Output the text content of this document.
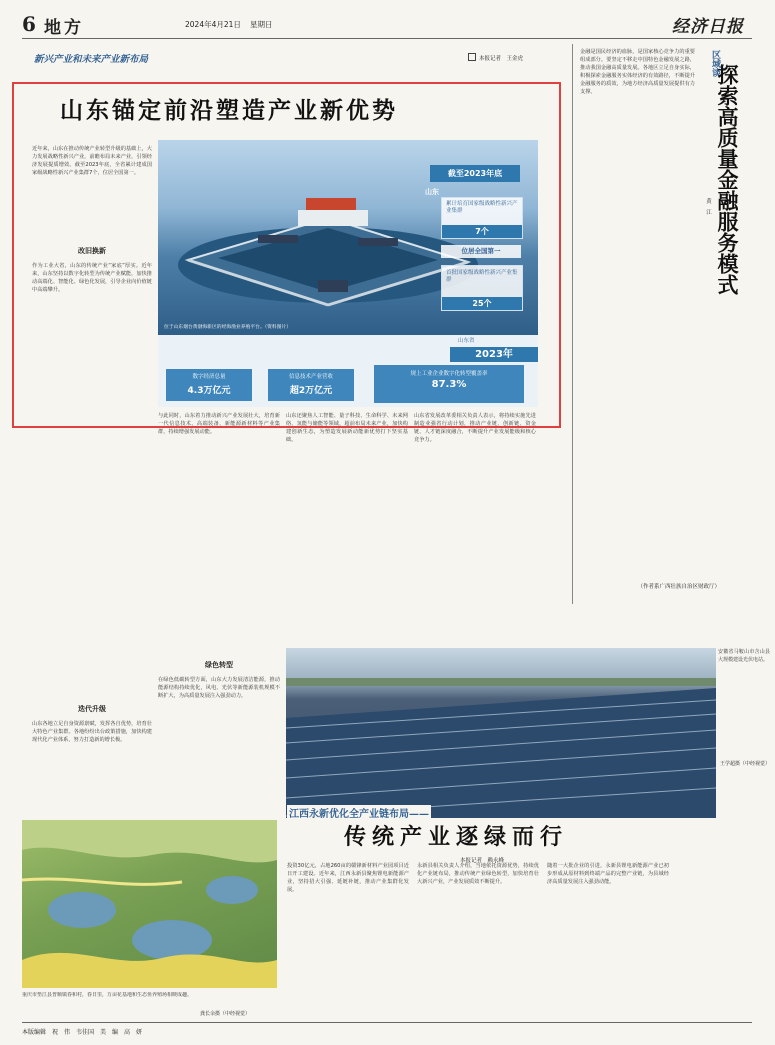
6 地方	2024年4月21日 星期日	经济日报
新兴产业和未来产业新布局	本报记者　王金虎
山东锚定前沿塑造产业新优势
近年来，山东在推动传统产业转型升级的基础上，大力发展战略性新兴产业，前瞻布局未来产业，引领经济发展提质增效。截至2023年底，全省累计建成国家级战略性新兴产业集群7个，位居全国第一。
改旧换新
作为工业大省，山东的传统产业“家底”厚实。近年来，山东坚持以数字化转型为传统产业赋能，加快推动高端化、智能化、绿色化发展，引导企业向价值链中高端攀升。
迭代升级
山东各地立足自身资源禀赋，发挥各自优势，培育壮大特色产业集群。各地纷纷出台政策措施，加快构建现代化产业体系，努力打造新的增长极。
位于山东烟台黄渤海新区的经海渔业养殖平台。（资料图片）
截至2023年底
山东
累计培育国家级战略性新兴产业集群
7个
位居全国第一
首批国家级战略性新兴产业集群
25个
山东省
2023年
数字经济总量
4.3万亿元
信息技术产业营收
超2万亿元
规上工业企业数字化转型覆盖率
87.3%
与此同时，山东着力推动新兴产业发展壮大，培育新一代信息技术、高端装备、新能源新材料等产业集群，持续增强发展动能。
绿色转型
在绿色低碳转型方面，山东大力发展清洁能源，推动能源结构持续优化，风电、光伏等新能源装机规模不断扩大，为高质量发展注入强劲动力。
山东还聚焦人工智能、量子科技、生命科学、未来网络、氢能与储能等领域，超前布局未来产业，加快构建创新生态，为塑造发展新动能新优势打下坚实基础。
山东省发展改革委相关负责人表示，将持续实施先进制造业强省行动计划，推动产业链、创新链、资金链、人才链深度融合，不断提升产业发展能级和核心竞争力。
江西永新优化全产业链布局——
金融是国民经济的血脉，是国家核心竞争力的重要组成部分。要坚定不移走中国特色金融发展之路，推动我国金融高质量发展。各地区立足自身实际，积极探索金融服务实体经济的有效路径，不断提升金融服务的质效，为地方经济高质量发展提供有力支撑。
（作者系广西壮族自治区财政厅）
区域谈
探索高质量金融服务模式
黄　江
安徽省马鞍山市含山县大规模建设光伏电站。
王学超摄（中经视觉）
传统产业逐绿而行
本报记者　赖永峰
重庆市垫江县普顺镇春和村，春日里，万亩花基地和生态鱼养殖场相映成趣。
龚长余摄（中经视觉）
投资30亿元，占地260亩的赣锋新材料产业园项目近日开工建设。近年来，江西永新县聚焦锂电新能源产业，坚持招大引强、延链补链，推动产业集群化发展。
永新县相关负责人介绍，当地依托资源优势，持续优化产业链布局，推动传统产业绿色转型，加快培育壮大新兴产业，产业发展质效不断提升。
随着一大批企业的引进，永新县锂电新能源产业已初步形成从原材料到终端产品的完整产业链，为县域经济高质量发展注入强劲动能。
本版编辑　祝　伟　韦佳国　美　编　高　妍
